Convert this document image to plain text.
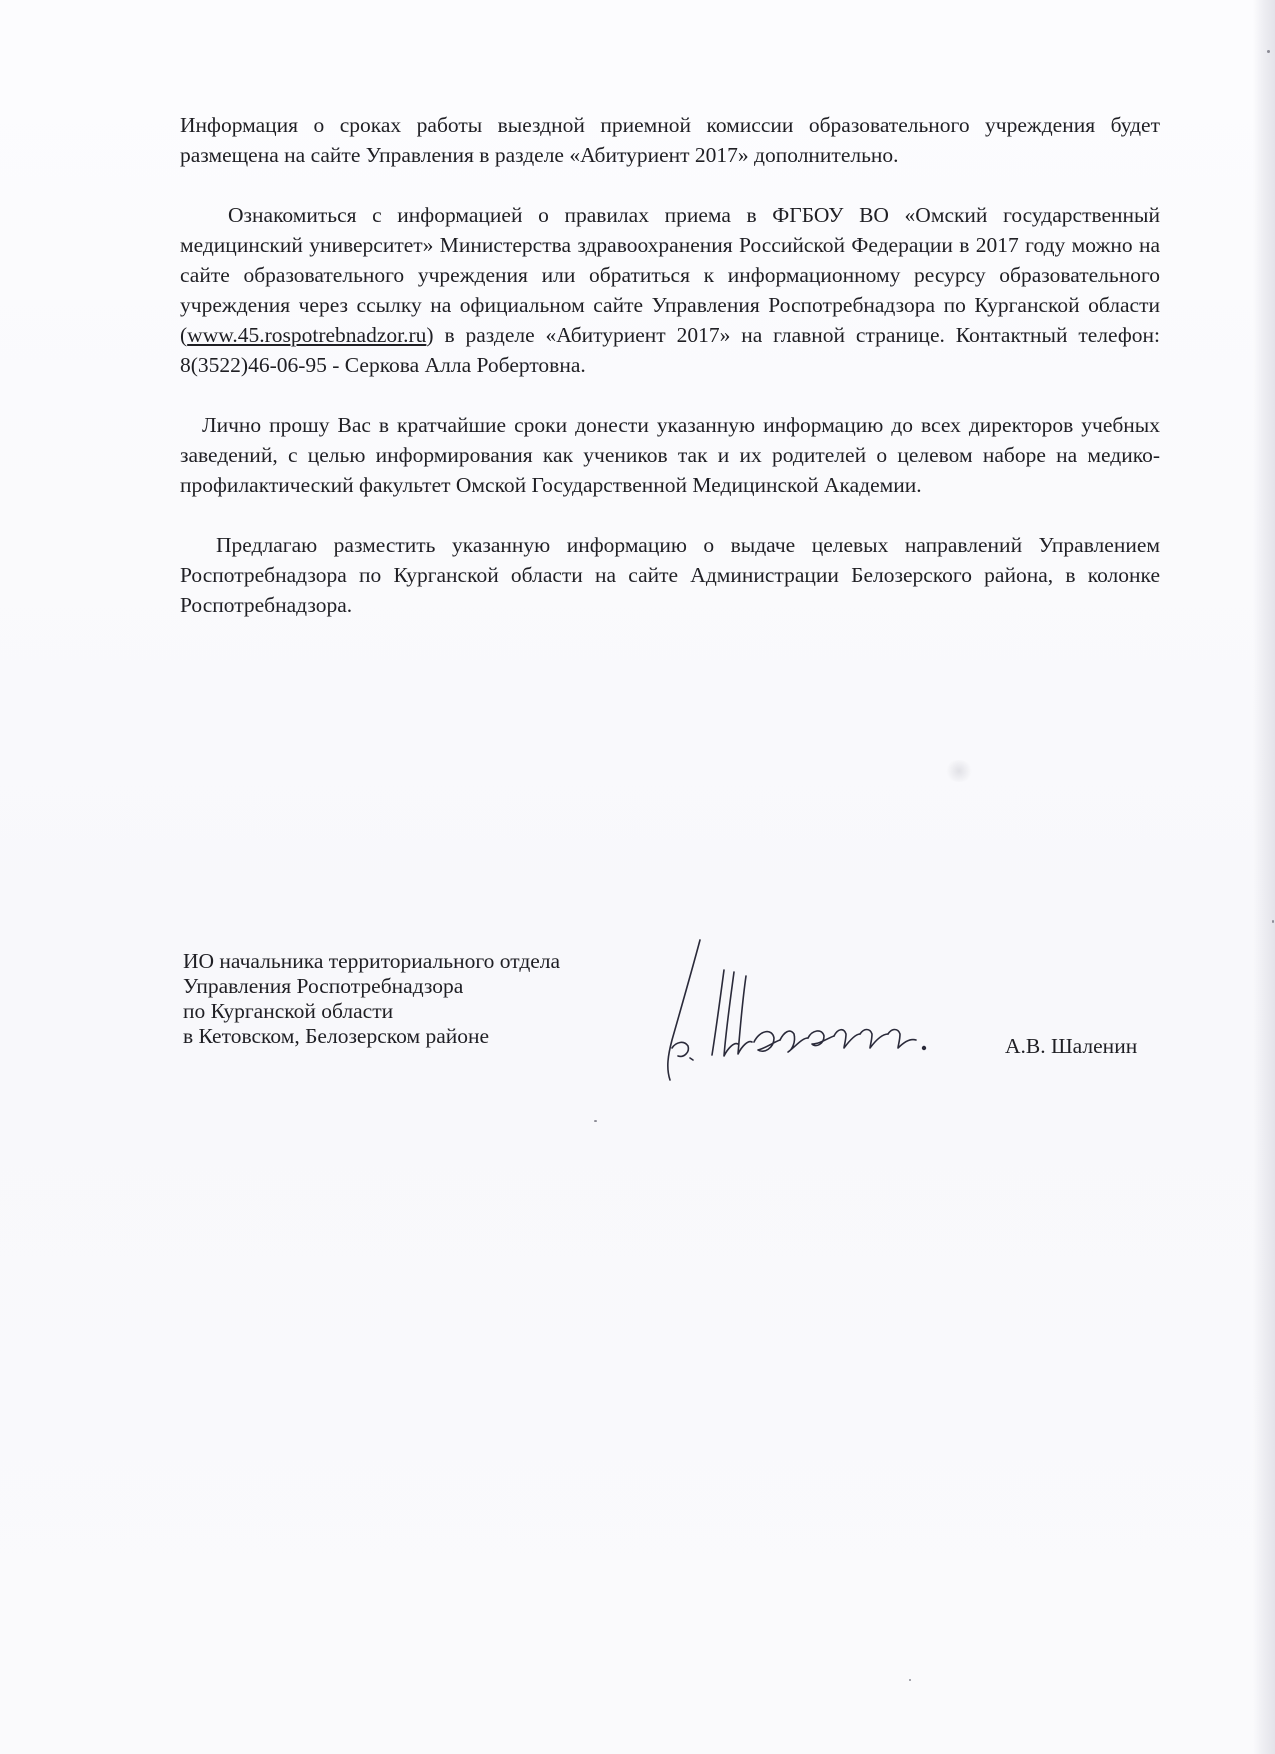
Информация о сроках работы выездной приемной комиссии образовательного учреждения будет размещена на сайте Управления в разделе «Абитуриент 2017» дополнительно.

Ознакомиться с информацией о правилах приема в ФГБОУ ВО «Омский государственный медицинский университет» Министерства здравоохранения Российской Федерации в 2017 году можно на сайте образовательного учреждения или обратиться к информационному ресурсу образовательного учреждения через ссылку на официальном сайте Управления Роспотребнадзора по Курганской области (www.45.rospotrebnadzor.ru) в разделе «Абитуриент 2017» на главной странице. Контактный телефон: 8(3522)46-06-95 - Серкова Алла Робертовна.

Лично прошу Вас в кратчайшие сроки донести указанную информацию до всех директоров учебных заведений, с целью информирования как учеников так и их родителей о целевом наборе на медико-профилактический факультет Омской Государственной Медицинской Академии.

Предлагаю разместить указанную информацию о выдаче целевых направлений Управлением Роспотребнадзора по Курганской области на сайте Администрации Белозерского района, в колонке Роспотребнадзора.

ИО начальника территориального отдела
Управления Роспотребнадзора
по Курганской области
в Кетовском, Белозерском районе	А.В. Шаленин
